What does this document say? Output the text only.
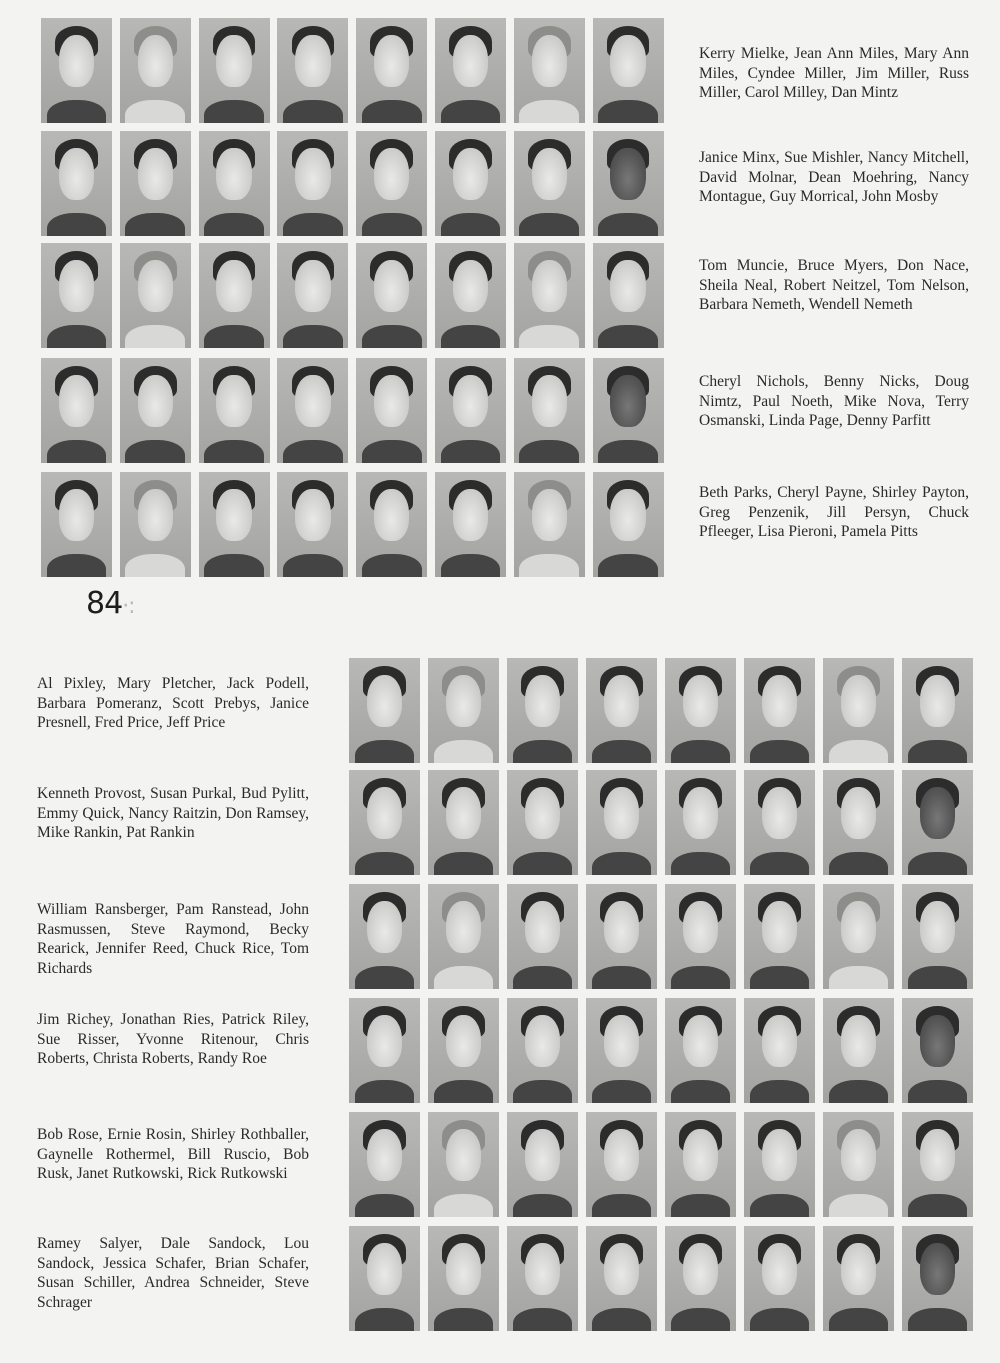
Kerry Mielke, Jean Ann Miles, Mary Ann Miles, Cyndee Miller, Jim Miller, Russ Miller, Carol Milley, Dan Mintz
Janice Minx, Sue Mishler, Nancy Mitchell, David Molnar, Dean Moehring, Nancy Montague, Guy Morrical, John Mosby
Tom Muncie, Bruce Myers, Don Nace, Sheila Neal, Robert Neitzel, Tom Nelson, Barbara Nemeth, Wendell Nemeth
Cheryl Nichols, Benny Nicks, Doug Nimtz, Paul Noeth, Mike Nova, Terry Osmanski, Linda Page, Denny Parfitt
Beth Parks, Cheryl Payne, Shirley Payton, Greg Penzenik, Jill Persyn, Chuck Pfleeger, Lisa Pieroni, Pamela Pitts
84·:
Al Pixley, Mary Pletcher, Jack Podell, Barbara Pomeranz, Scott Prebys, Janice Presnell, Fred Price, Jeff Price
Kenneth Provost, Susan Purkal, Bud Pylitt, Emmy Quick, Nancy Raitzin, Don Ramsey, Mike Rankin, Pat Rankin
William Ransberger, Pam Ranstead, John Rasmussen, Steve Raymond, Becky Rearick, Jennifer Reed, Chuck Rice, Tom Richards
Jim Richey, Jonathan Ries, Patrick Riley, Sue Risser, Yvonne Ritenour, Chris Roberts, Christa Roberts, Randy Roe
Bob Rose, Ernie Rosin, Shirley Rothballer, Gaynelle Rothermel, Bill Ruscio, Bob Rusk, Janet Rutkowski, Rick Rutkowski
Ramey Salyer, Dale Sandock, Lou Sandock, Jessica Schafer, Brian Schafer, Susan Schiller, Andrea Schneider, Steve Schrager
